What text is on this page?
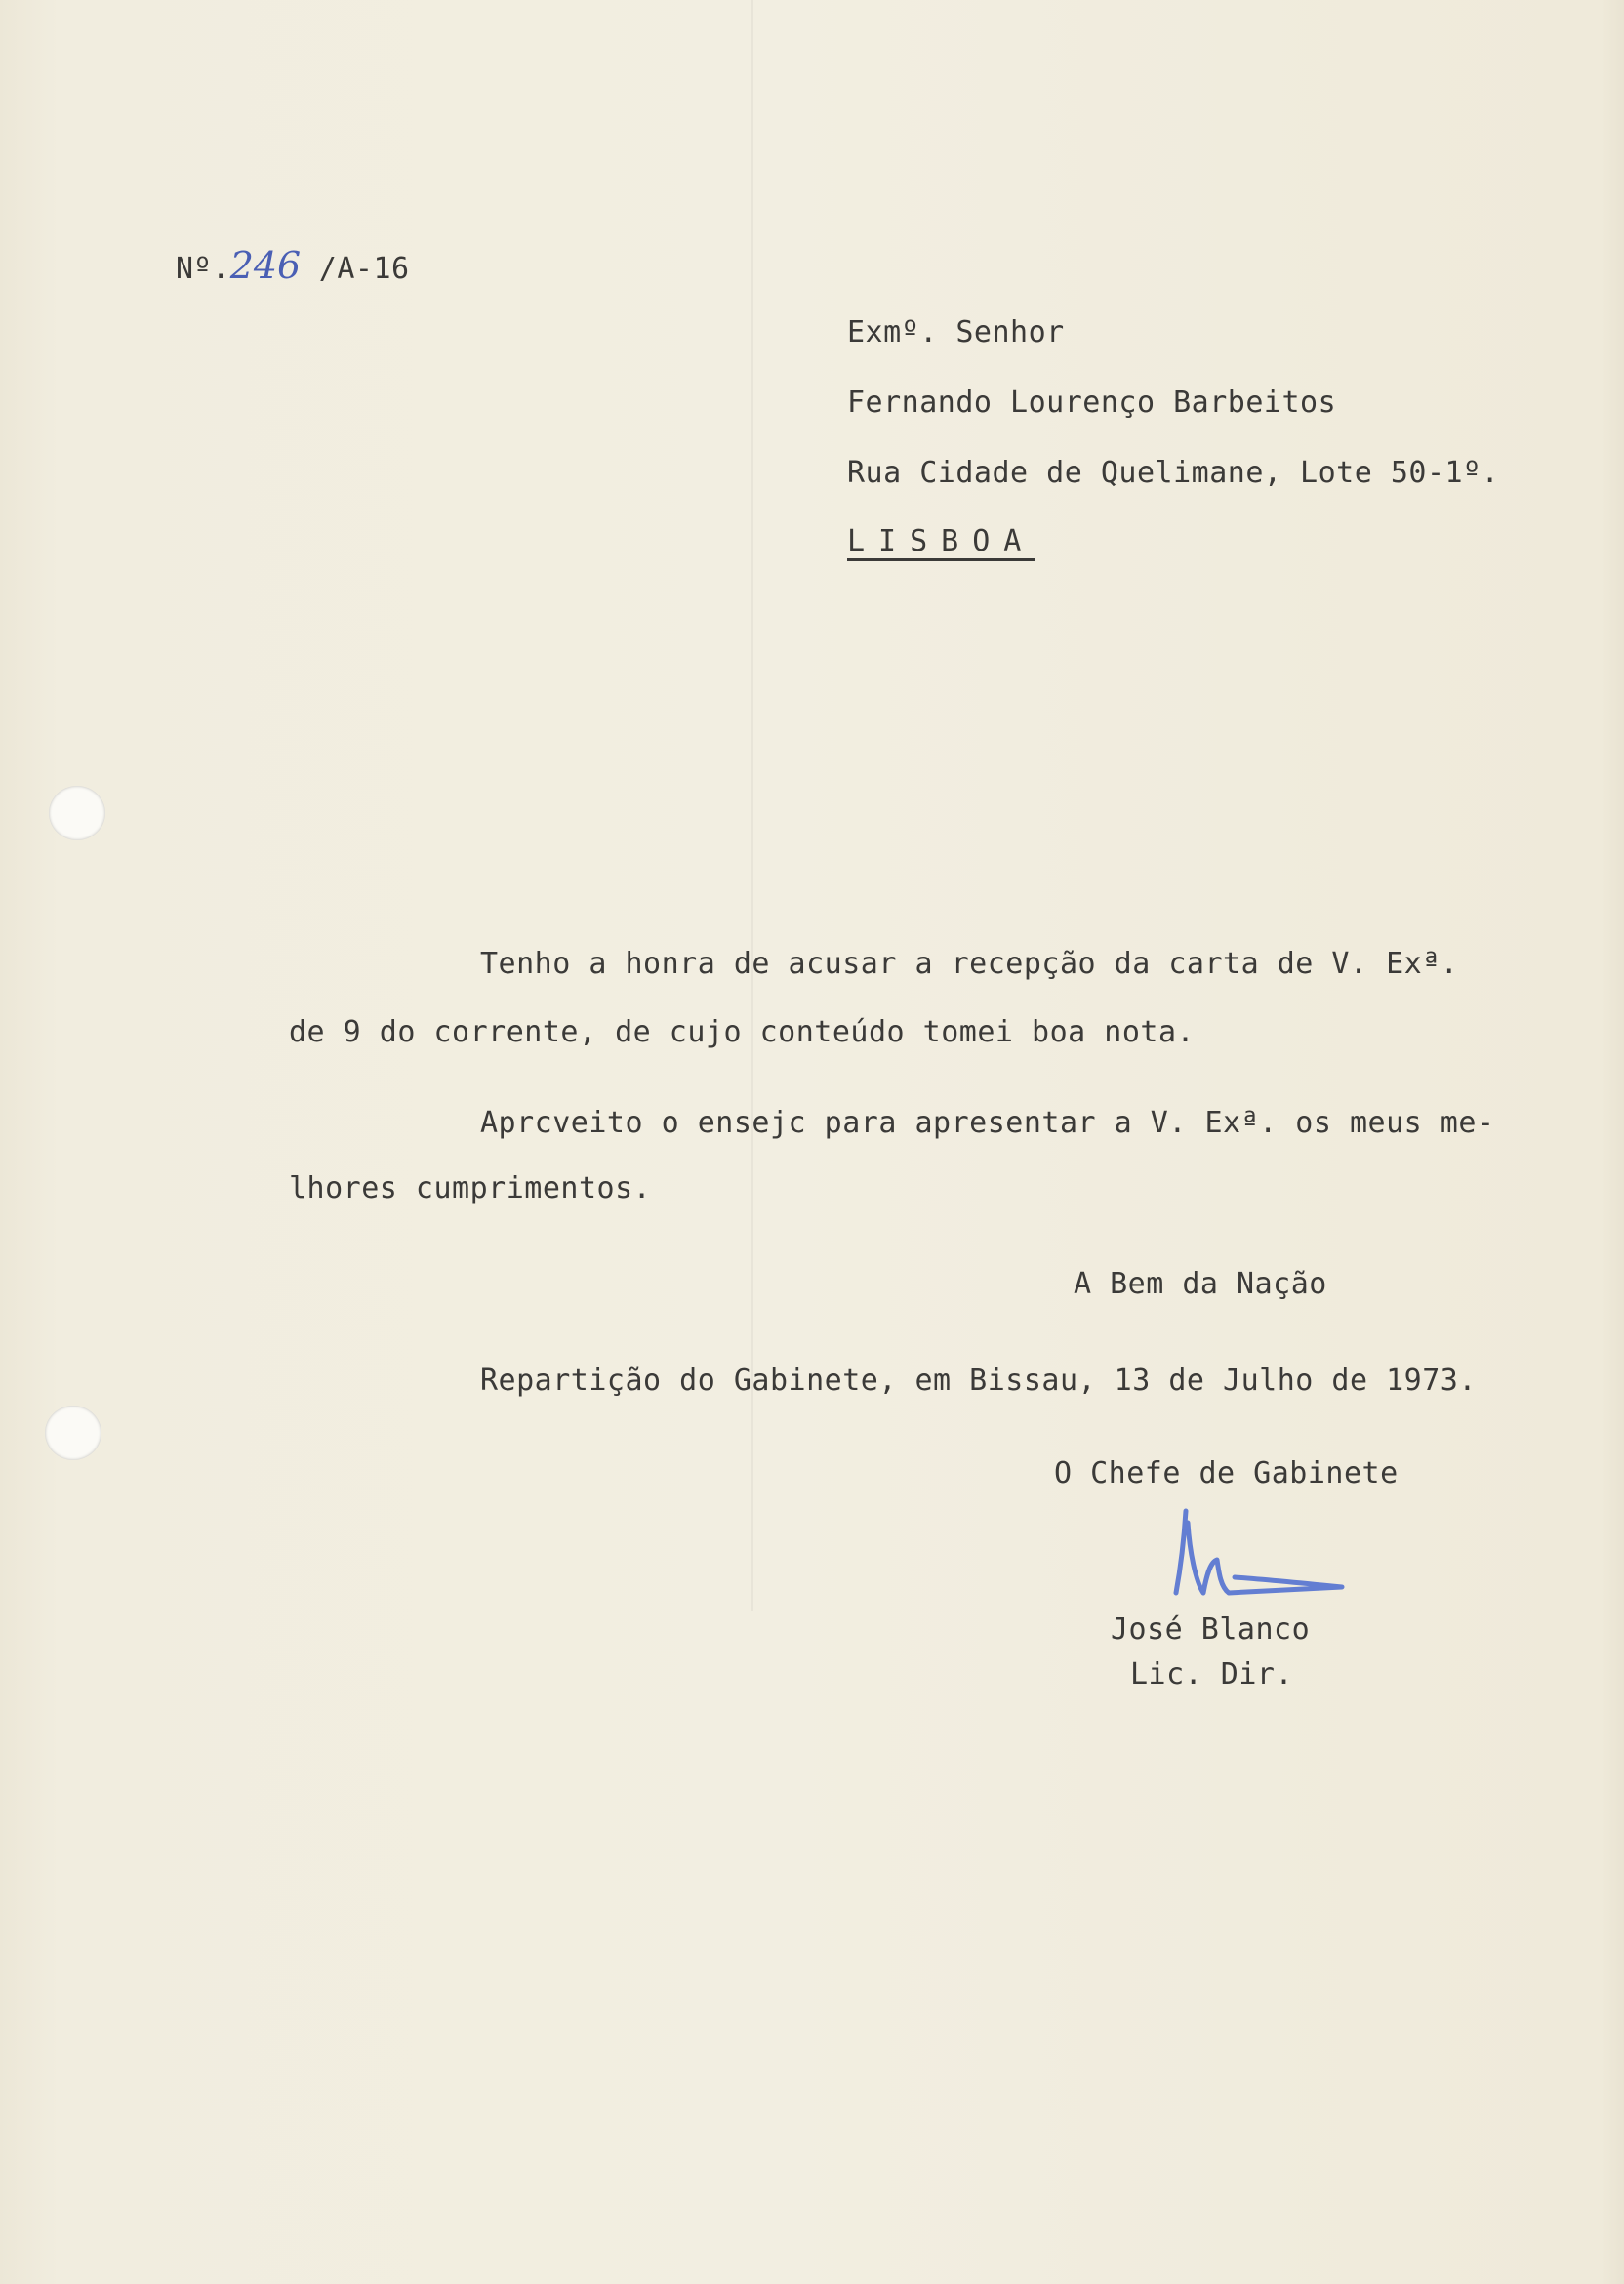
Nº.246 /A-16
Exmº. Senhor
Fernando Lourenço Barbeitos
Rua Cidade de Quelimane, Lote 50-1º.
LISBOA
Tenho a honra de acusar a recepção da carta de V. Exª.
de 9 do corrente, de cujo conteúdo tomei boa nota.
Aprcveito o ensejc para apresentar a V. Exª. os meus me-
lhores cumprimentos.
A Bem da Nação
Repartição do Gabinete, em Bissau, 13 de Julho de 1973.
O Chefe de Gabinete
José Blanco
Lic. Dir.
